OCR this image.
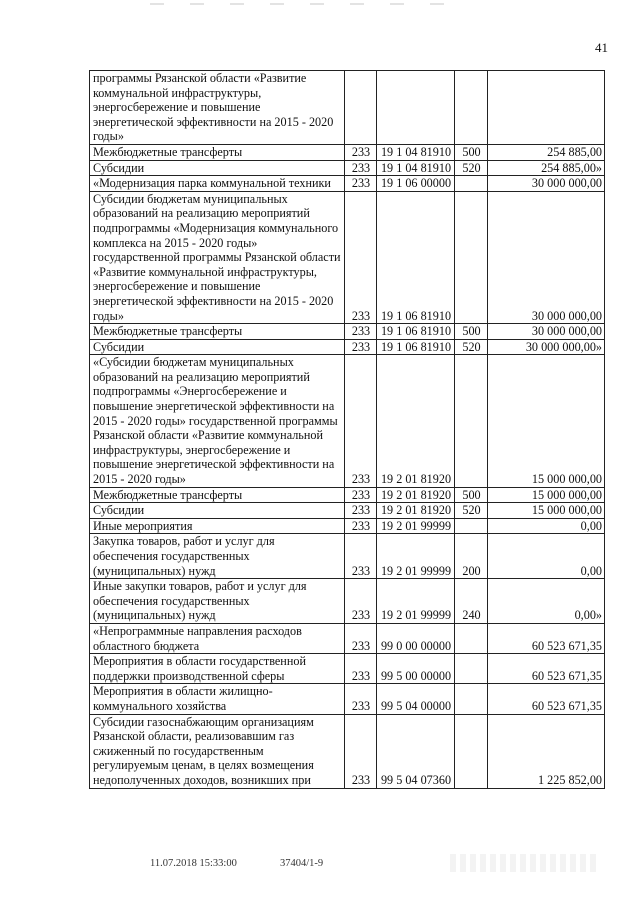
41
программы Рязанской области «Развитие коммунальной инфраструктуры, энергосбережение и повышение энергетической эффективности на 2015 - 2020 годы»				
Межбюджетные трансферты	233	19 1 04 81910	500	254 885,00
Субсидии	233	19 1 04 81910	520	254 885,00»
«Модернизация парка коммунальной техники	233	19 1 06 00000		30 000 000,00
Субсидии бюджетам муниципальных образований на реализацию мероприятий подпрограммы «Модернизация коммунального комплекса на 2015 - 2020 годы» государственной программы Рязанской области «Развитие коммунальной инфраструктуры, энергосбережение и повышение энергетической эффективности на 2015 - 2020 годы»	233	19 1 06 81910		30 000 000,00
Межбюджетные трансферты	233	19 1 06 81910	500	30 000 000,00
Субсидии	233	19 1 06 81910	520	30 000 000,00»
«Субсидии бюджетам муниципальных образований на реализацию мероприятий подпрограммы «Энергосбережение и повышение энергетической эффективности на 2015 - 2020 годы» государственной программы Рязанской области «Развитие коммунальной инфраструктуры, энергосбережение и повышение энергетической эффективности на 2015 - 2020 годы»	233	19 2 01 81920		15 000 000,00
Межбюджетные трансферты	233	19 2 01 81920	500	15 000 000,00
Субсидии	233	19 2 01 81920	520	15 000 000,00
Иные мероприятия	233	19 2 01 99999		0,00
Закупка товаров, работ и услуг для обеспечения государственных (муниципальных) нужд	233	19 2 01 99999	200	0,00
Иные закупки товаров, работ и услуг для обеспечения государственных (муниципальных) нужд	233	19 2 01 99999	240	0,00»
«Непрограммные направления расходов областного бюджета	233	99 0 00 00000		60 523 671,35
Мероприятия в области государственной поддержки производственной сферы	233	99 5 00 00000		60 523 671,35
Мероприятия в области жилищно-коммунального хозяйства	233	99 5 04 00000		60 523 671,35
Субсидии газоснабжающим организациям Рязанской области, реализовавшим газ сжиженный по государственным регулируемым ценам, в целях возмещения недополученных доходов, возникших при	233	99 5 04 07360		1 225 852,00
11.07.2018 15:33:00	37404/1-9
